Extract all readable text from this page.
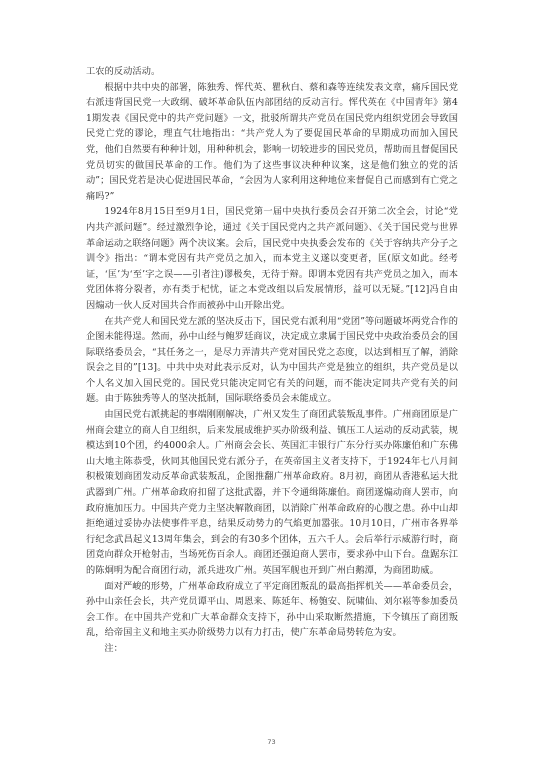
工农的反动活动。

根据中共中央的部署，陈独秀、恽代英、瞿秋白、蔡和森等连续发表文章，痛斥国民党右派违背国民党一大政纲、破坏革命队伍内部团结的反动言行。恽代英在《中国青年》第41期发表《国民党中的共产党问题》一文，批驳所谓共产党员在国民党内组织党团会导致国民党亡党的谬论，理直气壮地指出：“共产党人为了要促国民革命的早期成功而加入国民党，他们自然要有种种计划，用种种机会，影响一切较进步的国民党员，帮助而且督促国民党员切实的做国民革命的工作。他们为了这些事议决种种议案，这是他们独立的党的活动”；国民党若是决心促进国民革命，“会因为人家利用这种地位来督促自己而感到有亡党之痛吗?”

1924年8月15日至9月1日，国民党第一届中央执行委员会召开第二次全会，讨论“党内共产派问题”。经过激烈争论，通过《关于国民党内之共产派问题》、《关于国民党与世界革命运动之联络问题》两个决议案。会后，国民党中央执委会发布的《关于容纳共产分子之训令》指出：“谓本党因有共产党员之加入，而本党主义遂以变更者，匡(原文如此。经考证，‘匡’为‘至’字之误——引者注)谬极矣，无待于辩。即谓本党因有共产党员之加入，而本党团体将分裂者，亦有类于杞忧，证之本党改组以后发展情形，益可以无疑。”[12]冯自由因煽动一伙人反对国共合作而被孙中山开除出党。

在共产党人和国民党左派的坚决反击下，国民党右派利用“党团”等问题破坏两党合作的企图未能得逞。然而，孙中山经与鲍罗廷商议，决定成立隶属于国民党中央政治委员会的国际联络委员会，“其任务之一，是尽力弄清共产党对国民党之态度，以达到相互了解，消除误会之目的”[13]。中共中央对此表示反对，认为中国共产党是独立的组织，共产党员是以个人名义加入国民党的。国民党只能决定同它有关的问题，而不能决定同共产党有关的问题。由于陈独秀等人的坚决抵制，国际联络委员会未能成立。

由国民党右派挑起的事端刚刚解决，广州又发生了商团武装叛乱事件。广州商团原是广州商会建立的商人自卫组织，后来发展成维护买办阶级利益、镇压工人运动的反动武装，规模达到10个团，约4000余人。广州商会会长、英国汇丰银行广东分行买办陈廉伯和广东佛山大地主陈恭受，伙同其他国民党右派分子，在英帝国主义者支持下，于1924年七八月间积极策划商团发动反革命武装叛乱，企图推翻广州革命政府。8月初，商团从香港私运大批武器到广州。广州革命政府扣留了这批武器，并下令通缉陈廉伯。商团遂煽动商人罢市，向政府施加压力。中国共产党力主坚决解散商团，以消除广州革命政府的心腹之患。孙中山却拒绝通过妥协办法使事件平息，结果反动势力的气焰更加嚣张。10月10日，广州市各界举行纪念武昌起义13周年集会，到会的有30多个团体，五六千人。会后举行示威游行时，商团竟向群众开枪射击，当场死伤百余人。商团还强迫商人罢市，要求孙中山下台。盘踞东江的陈炯明为配合商团行动，派兵进攻广州。英国军舰也开到广州白鹅潭，为商团助威。

面对严峻的形势，广州革命政府成立了平定商团叛乱的最高指挥机关——革命委员会，孙中山亲任会长，共产党员谭平山、周恩来、陈延年、杨匏安、阮啸仙、刘尔崧等参加委员会工作。在中国共产党和广大革命群众支持下，孙中山采取断然措施，下令镇压了商团叛乱，给帝国主义和地主买办阶级势力以有力打击，使广东革命局势转危为安。

注：

73
